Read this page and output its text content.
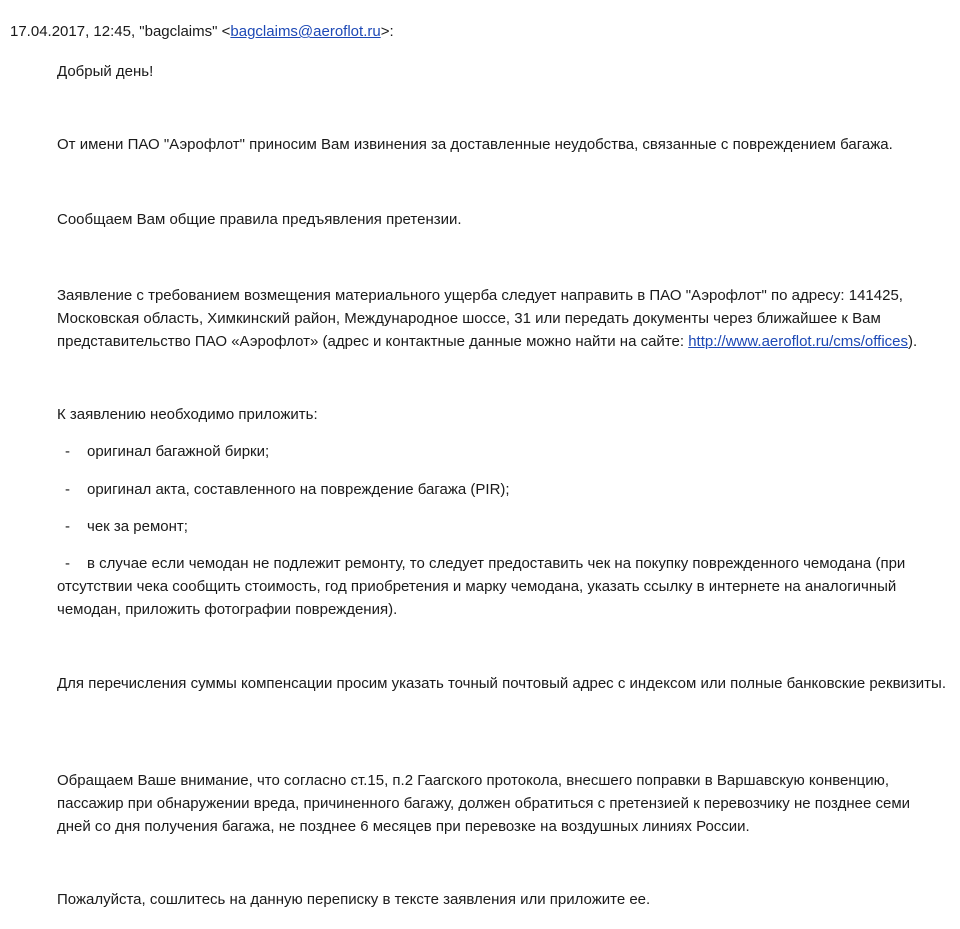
17.04.2017, 12:45, "bagclaims" <bagclaims@aeroflot.ru>:

Добрый день!

От имени ПАО "Аэрофлот" приносим Вам извинения за доставленные неудобства, связанные с повреждением багажа.

Сообщаем Вам общие правила предъявления претензии.

Заявление с требованием возмещения материального ущерба следует направить в ПАО "Аэрофлот" по адресу: 141425, Московская область, Химкинский район, Международное шоссе, 31 или передать документы через ближайшее к Вам представительство ПАО «Аэрофлот» (адрес и контактные данные можно найти на сайте: http://www.aeroflot.ru/cms/offices).

К заявлению необходимо приложить:

- оригинал багажной бирки;

- оригинал акта, составленного на повреждение багажа (PIR);

- чек за ремонт;

- в случае если чемодан не подлежит ремонту, то следует предоставить чек на покупку поврежденного чемодана (при отсутствии чека сообщить стоимость, год приобретения и марку чемодана, указать ссылку в интернете на аналогичный чемодан, приложить фотографии повреждения).

Для перечисления суммы компенсации просим указать точный почтовый адрес с индексом или полные банковские реквизиты.

Обращаем Ваше внимание, что согласно ст.15, п.2 Гаагского протокола, внесшего поправки в Варшавскую конвенцию, пассажир при обнаружении вреда, причиненного багажу, должен обратиться с претензией к перевозчику не позднее семи дней со дня получения багажа, не позднее 6 месяцев при перевозке на воздушных линиях России.

Пожалуйста, сошлитесь на данную переписку в тексте заявления или приложите ее.
